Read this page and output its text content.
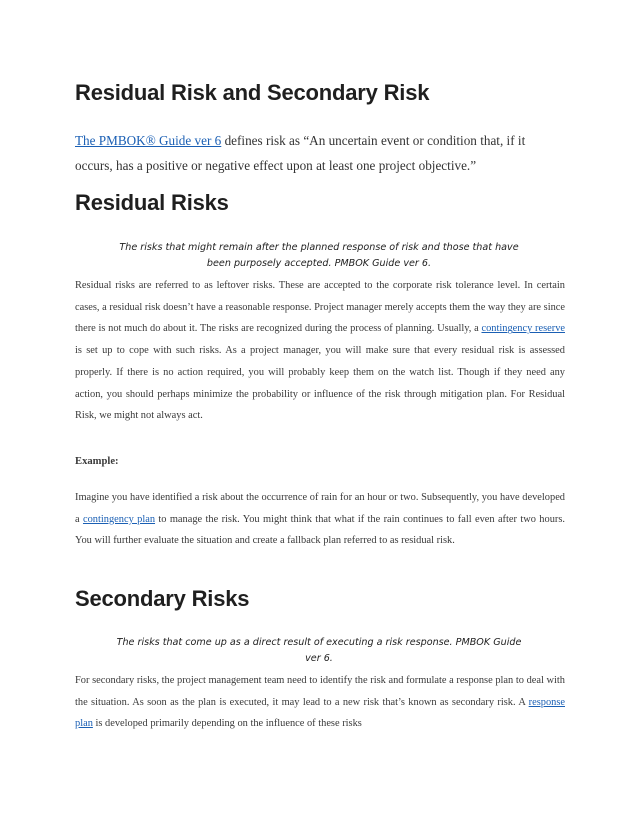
Residual Risk and Secondary Risk

The PMBOK® Guide ver 6 defines risk as “An uncertain event or condition that, if it occurs, has a positive or negative effect upon at least one project objective.”

Residual Risks

The risks that might remain after the planned response of risk and those that have
been purposely accepted. PMBOK Guide ver 6.

Residual risks are referred to as leftover risks. These are accepted to the corporate risk tolerance level. In certain cases, a residual risk doesn’t have a reasonable response. Project manager merely accepts them the way they are since there is not much do about it. The risks are recognized during the process of planning. Usually, a contingency reserve is set up to cope with such risks. As a project manager, you will make sure that every residual risk is assessed properly. If there is no action required, you will probably keep them on the watch list. Though if they need any action, you should perhaps minimize the probability or influence of the risk through mitigation plan. For Residual Risk, we might not always act.

Example:

Imagine you have identified a risk about the occurrence of rain for an hour or two. Subsequently, you have developed a contingency plan to manage the risk. You might think that what if the rain continues to fall even after two hours. You will further evaluate the situation and create a fallback plan referred to as residual risk.

Secondary Risks

The risks that come up as a direct result of executing a risk response. PMBOK Guide
ver 6.

For secondary risks, the project management team need to identify the risk and formulate a response plan to deal with the situation. As soon as the plan is executed, it may lead to a new risk that’s known as secondary risk. A response plan is developed primarily depending on the influence of these risks
